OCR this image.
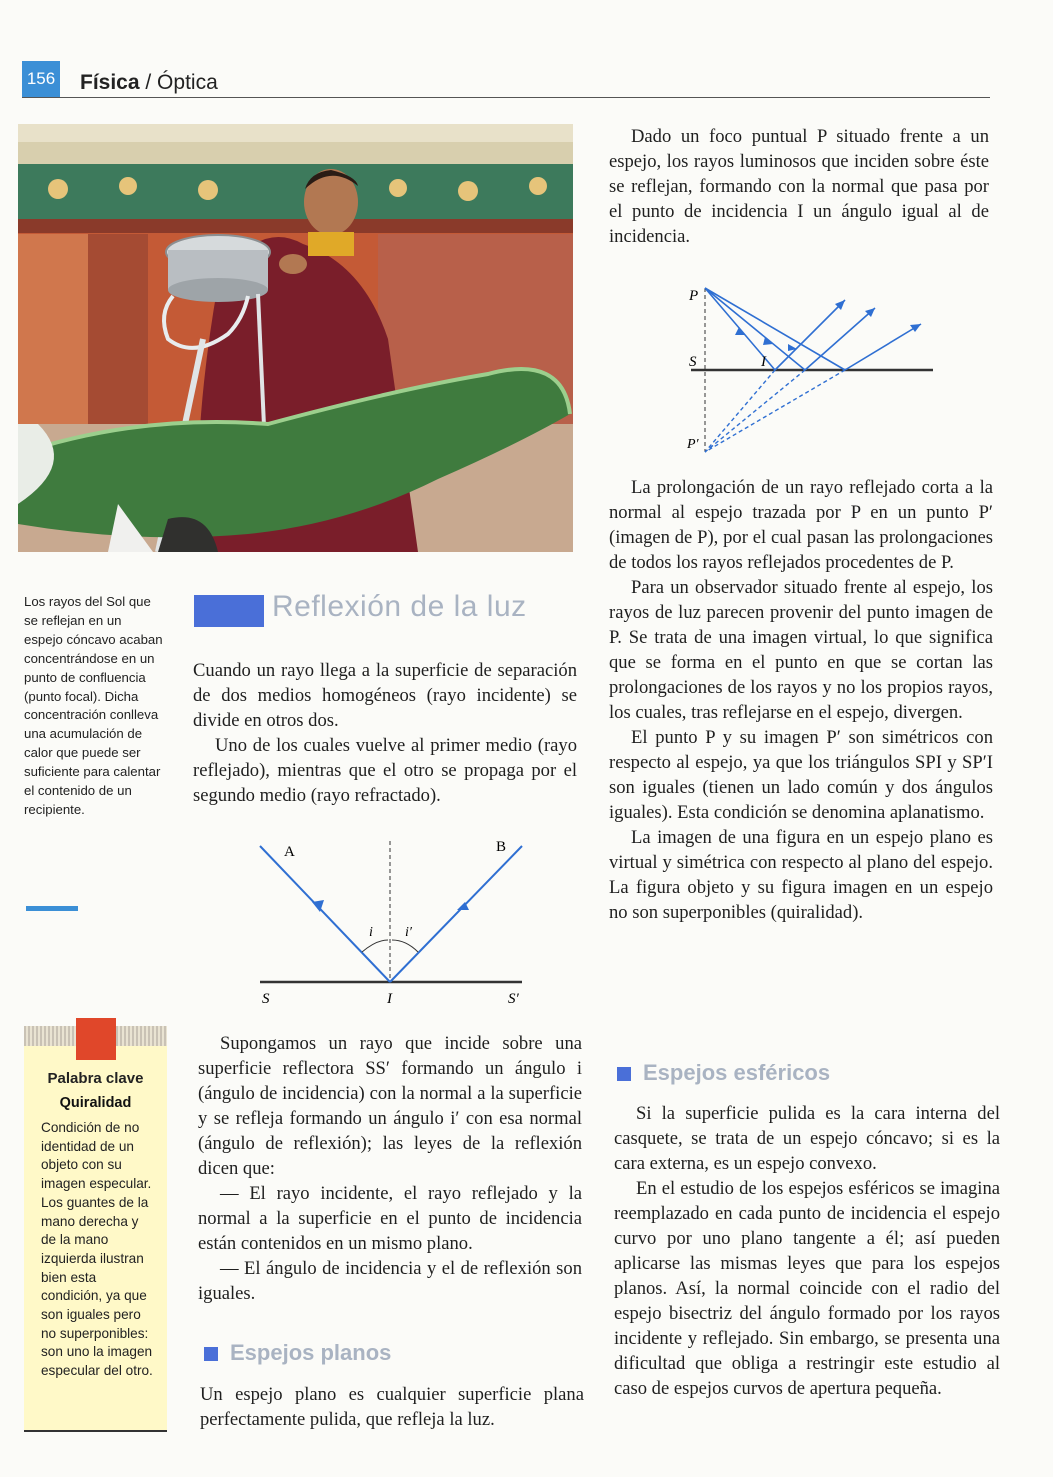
156 Física / Óptica
Los rayos del Sol que se reflejan en un espejo cóncavo acaban concentrándose en un punto de confluencia (punto focal). Dicha concentración conlleva una acumulación de calor que puede ser suficiente para calentar el contenido de un recipiente.
Palabra clave
Quiralidad
Condición de no identidad de un objeto con su imagen especular. Los guantes de la mano derecha y de la mano izquierda ilustran bien esta condición, ya que son iguales pero no superponibles: son uno la imagen especular del otro.
Reflexión de la luz

Cuando un rayo llega a la superficie de separación de dos medios homogéneos (rayo incidente) se divide en otros dos.

Uno de los cuales vuelve al primer medio (rayo reflejado), mientras que el otro se propaga por el segundo medio (rayo refractado).

A	B
i i′
S	I	S′

Supongamos un rayo que incide sobre una superficie reflectora SS′ formando un ángulo i (ángulo de incidencia) con la normal a la superficie y se refleja formando un ángulo i′ con esa normal (ángulo de reflexión); las leyes de la reflexión dicen que:

— El rayo incidente, el rayo reflejado y la normal a la superficie en el punto de incidencia están contenidos en un mismo plano.

— El ángulo de incidencia y el de reflexión son iguales.

Espejos planos

Un espejo plano es cualquier superficie plana perfectamente pulida, que refleja la luz.

Dado un foco puntual P situado frente a un espejo, los rayos luminosos que inciden sobre éste se reflejan, formando con la normal que pasa por el punto de incidencia I un ángulo igual al de incidencia.

P
S	I
P′

La prolongación de un rayo reflejado corta a la normal al espejo trazada por P en un punto P′ (imagen de P), por el cual pasan las prolongaciones de todos los rayos reflejados procedentes de P.

Para un observador situado frente al espejo, los rayos de luz parecen provenir del punto imagen de P. Se trata de una imagen virtual, lo que significa que se forma en el punto en que se cortan las prolongaciones de los rayos y no los propios rayos, los cuales, tras reflejarse en el espejo, divergen.

El punto P y su imagen P′ son simétricos con respecto al espejo, ya que los triángulos SPI y SP′I son iguales (tienen un lado común y dos ángulos iguales). Esta condición se denomina aplanatismo.

La imagen de una figura en un espejo plano es virtual y simétrica con respecto al plano del espejo. La figura objeto y su figura imagen en un espejo no son superponibles (quiralidad).

Espejos esféricos

Si la superficie pulida es la cara interna del casquete, se trata de un espejo cóncavo; si es la cara externa, es un espejo convexo.

En el estudio de los espejos esféricos se imagina reemplazado en cada punto de incidencia el espejo curvo por uno plano tangente a él; así pueden aplicarse las mismas leyes que para los espejos planos. Así, la normal coincide con el radio del espejo bisectriz del ángulo formado por los rayos incidente y reflejado. Sin embargo, se presenta una dificultad que obliga a restringir este estudio al caso de espejos curvos de apertura pequeña.
